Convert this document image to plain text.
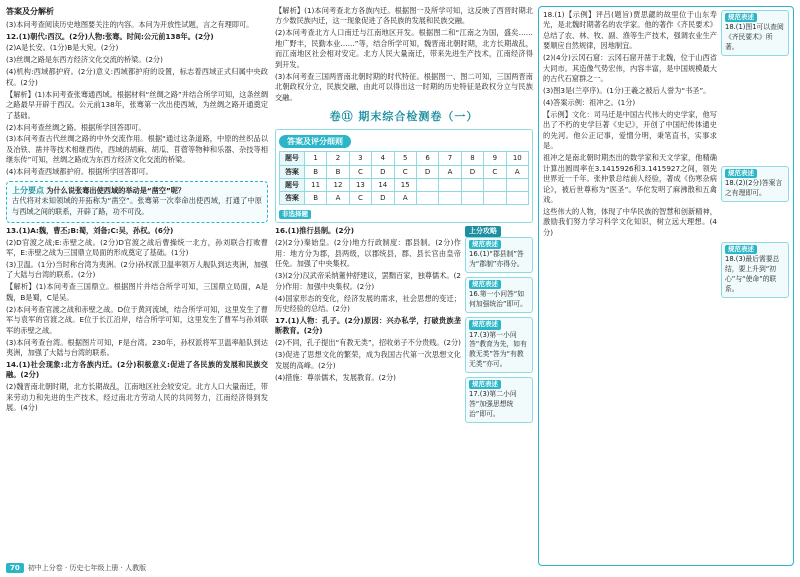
答案及分解析

(3)本问考查阅读历史地图要关注的内容。本问为开放性试题，言之有理即可。

12.(1)朝代:西汉。(2分)人物:张骞。时间:公元前138年。(2分)

(2)A是长安。(1分)B是大宛。(2分)

(3)丝绸之路是东西方经济文化交流的桥梁。(2分)

(4)机构:西域都护府。(2分)意义:西域都护府的设置，标志着西域正式归属中央政权。(2分)

【解析】(1)本问考查张骞通西域。根据材料“丝绸之路”并结合所学可知，这条丝绸之路最早开辟于西汉。公元前138年，张骞第一次出使西域，为丝绸之路开通奠定了基础。

(2)本问考查丝绸之路。根据所学回答即可。

(3)本问考查古代丝绸之路的中外交流作用。根据“通过这条道路，中原的丝织品以及冶铁、凿井等技术相继西传，西域的胡麻、胡瓜、苜蓿等物种和乐器、杂技等相继东传”可知，丝绸之路成为东西方经济文化交流的桥梁。

(4)本问考查西域都护府。根据所学回答即可。

上分要点 为什么说张骞出使西域的举动是“凿空”呢？

古代将对未知领域的开拓称为“凿空”。张骞第一次奉命出使西域，打通了中原与西域之间的联系，开辟了路，功不可没。

13.(1)A:魏，曹丕;B:蜀，刘备;C:吴，孙权。(6分)

(2)D官渡之战;E:赤壁之战。(2分)D官渡之战后曹操统一北方，孙刘联合打败曹军，E:赤壁之战为三国鼎立局面的形成奠定了基础。(1分)

(3)卫温。(1分)当时称台湾为夷洲。(2分)孙权派卫温率领万人舰队到达夷洲，加强了大陆与台湾的联系。(2分)

【解析】(1)本问考查三国鼎立。根据图片并结合所学可知，三国鼎立局面，A是魏，B是蜀，C是吴。

(2)本问考查官渡之战和赤壁之战。D位于黄河流域，结合所学可知，这里发生了曹军与袁军的官渡之战。E位于长江沿岸，结合所学可知，这里发生了曹军与孙刘联军的赤壁之战。

(3)本问考查台湾。根据图片可知，F是台湾。230年，孙权派将军卫温率船队到达夷洲，加强了大陆与台湾的联系。

14.(1)社会现象:北方各族内迁。(2分)积极意义:促进了各民族的发展和民族交融。(2分)

(2)魏晋南北朝时期，北方长期战乱，江南地区社会较安定。北方人口大量南迁，带来劳动力和先进的生产技术，经过南北方劳动人民的共同努力，江南经济得到发展。(4分)

【解析】(1)本问考查北方各族内迁。根据图一及所学可知，这反映了西晋时期北方少数民族内迁，这一现象促进了各民族的发展和民族交融。

(2)本问考查北方人口南迁与江南地区开发。根据图二和“江南之为国，盛矣……地广野丰，民勤本业……”等，结合所学可知，魏晋南北朝时期，北方长期战乱，而江南地区社会相对安定。北方人民大量南迁，带来先进生产技术，江南经济得到开发。

(3)本问考查三国两晋南北朝时期的时代特征。根据图一、图二可知，三国两晋南北朝政权分立，民族交融，由此可以得出这一时期的历史特征是政权分立与民族交融。

卷⑪ 期末综合检测卷（一）
答案及评分细则
题号	1	2	3	4	5	6	7	8	9	10
答案	B	B	C	D	C	D	A	D	C	A
题号	11	12	13	14	15					
答案	B	A	C	D	A					
非选择题

16.(1)推行县制。(2分)

(2)(2分)秦始皇。(2分)地方行政制度：郡县制。(2分)作用：地方分为郡，县两级，以郡统县，郡、县长官由皇帝任免。加强了中央集权。

(3)(2分)汉武帝采纳董仲舒建议，罢黜百家，独尊儒术。(2分)作用：加强中央集权。(2分)

(4)国家形态的变化，经济发展的需求，社会思想的变迁；历史经验的总结。(2分)

17.(1)人物：孔子。(2分)原因：兴办私学，打破贵族垄断教育。(2分)

(2)不同，孔子提出“有教无类”，招收弟子不分贵贱。(2分)

(3)促进了思想文化的繁荣，成为我国古代第一次思想文化发展的高峰。(2分)

(4)措施：尊崇儒术，发展教育。(2分)

上分攻略
规范表述
16.(1)“郡县制”答为“郡制”亦得分。
规范表述
16.第一小问答“如何加强统治”即可。
规范表述
17.(3)第一小问答“教育为先，如有教无类”答为“有教无类”亦可。
规范表述
17.(3)第二小问答“加强思想统治”即可。

18.(1)【示例】评吕(题旨)贾思勰的故里位于山东寿光，是北魏时期著名的农学家。他的著作《齐民要术》总结了农、林、牧、副、渔等生产技术，强调农业生产要顺应自然规律，因地制宜。

(2)(4分)云冈石窟：云冈石窟开凿于北魏，位于山西省大同市。其造像气势宏伟，内容丰富，是中国规模最大的古代石窟群之一。

(3)图3是(兰亭序)。(1分)王羲之被后人誉为“书圣”。

(4)答案示例：祖冲之。(1分)

【示例】文化：司马迁是中国古代伟大的史学家，他写出了不朽的史学巨著《史记》，开创了中国纪传体通史的先河。他公正记事，爱憎分明，秉笔直书，实事求是。

祖冲之是南北朝时期杰出的数学家和天文学家，他精确计算出圆周率在3.1415926和3.1415927之间，领先世界近一千年。张仲景总结前人经验，著成《伤寒杂病论》，被后世尊称为“医圣”。华佗发明了麻沸散和五禽戏。

这些伟大的人物，体现了中华民族的智慧和创新精神，激励我们努力学习科学文化知识，树立远大理想。(4分)

规范表述
18.(1)图1可以查阅《齐民要术》所著。
规范表述
18.(2)(2分)答案言之有理即可。
规范表述
18.(3)最后需要总结，要上升到“初心”与“使命”的联系。
70	初中上分卷 · 历史七年级上册 · 人教版
